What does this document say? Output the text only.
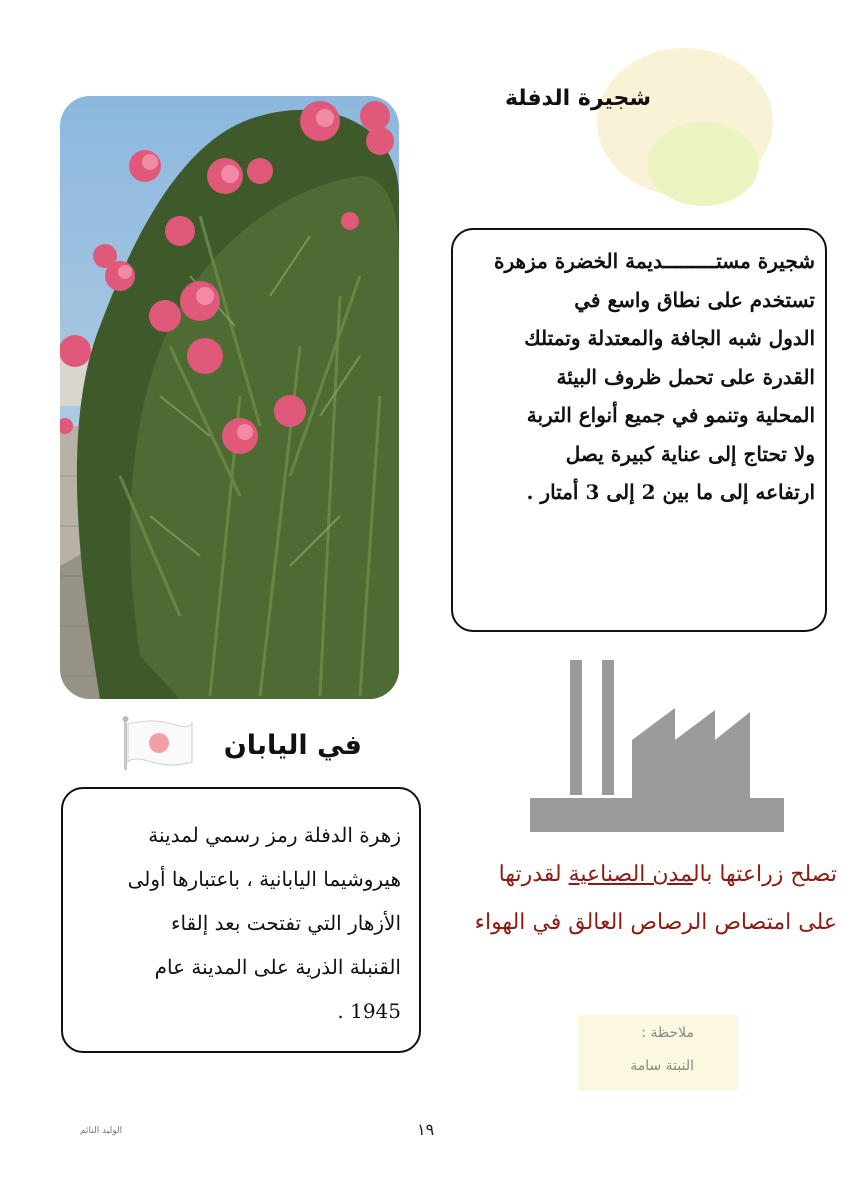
شجيرة الدفلة
شجيرة مستـــــــــديمة الخضرة مزهرة
تستخدم على نطاق واسع في
الدول شبه الجافة والمعتدلة وتمتلك
القدرة على تحمل ظروف البيئة
المحلية وتنمو في جميع أنواع التربة
ولا تحتاج إلى عناية كبيرة يصل
ارتفاعه إلى ما بين 2 إلى 3 أمتار .
تصلح زراعتها بالمدن الصناعية لقدرتها
على امتصاص الرصاص العالق في الهواء
ملاحظة :
النبتة سامة
في اليابان
زهرة الدفلة رمز رسمي لمدينة
هيروشيما اليابانية ، باعتبارها أولى
الأزهار التي تفتحت بعد إلقاء
القنبلة الذرية على المدينة عام
1945 .
الوليد النائم	١٩
